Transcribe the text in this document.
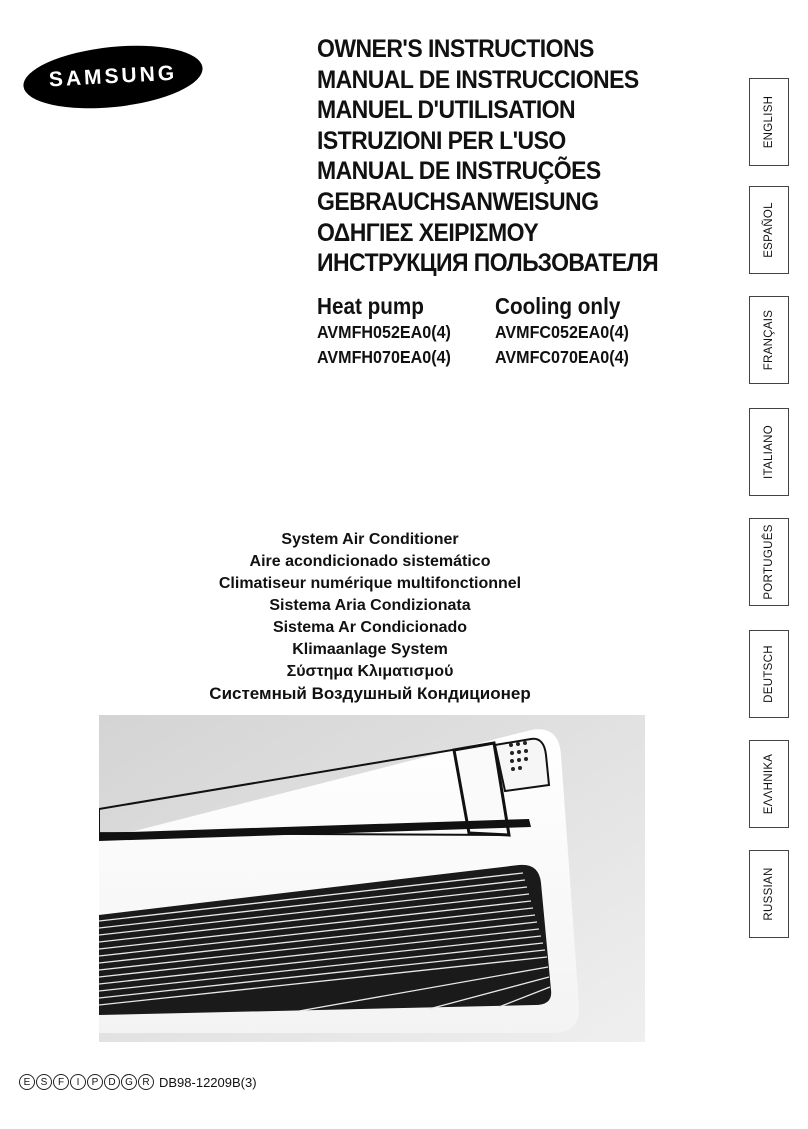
SAMSUNG
OWNER'S INSTRUCTIONS
MANUAL DE INSTRUCCIONES
MANUEL D'UTILISATION
ISTRUZIONI PER L'USO
MANUAL DE INSTRUÇÕES
GEBRAUCHSANWEISUNG
ΟΔΗΓΙΕΣ ΧΕΙΡΙΣΜΟΥ
ИНСТРУКЦИЯ ПОЛЬЗОВАТЕЛЯ
Heat pump
AVMFH052EA0(4)
AVMFH070EA0(4)
Cooling only
AVMFC052EA0(4)
AVMFC070EA0(4)
System Air Conditioner
Aire acondicionado sistemático
Climatiseur numérique multifonctionnel
Sistema Aria Condizionata
Sistema Ar Condicionado
Klimaanlage System
Σύστημα Κλιματισμού
Системный Воздушный Кондиционер
ENGLISH
ESPAÑOL
FRANÇAIS
ITALIANO
PORTUGUÊS
DEUTSCH
ΕΛΛΗΝΙΚΑ
RUSSIAN
E	S	F	I	P	D G R DB98-12209B(3)
